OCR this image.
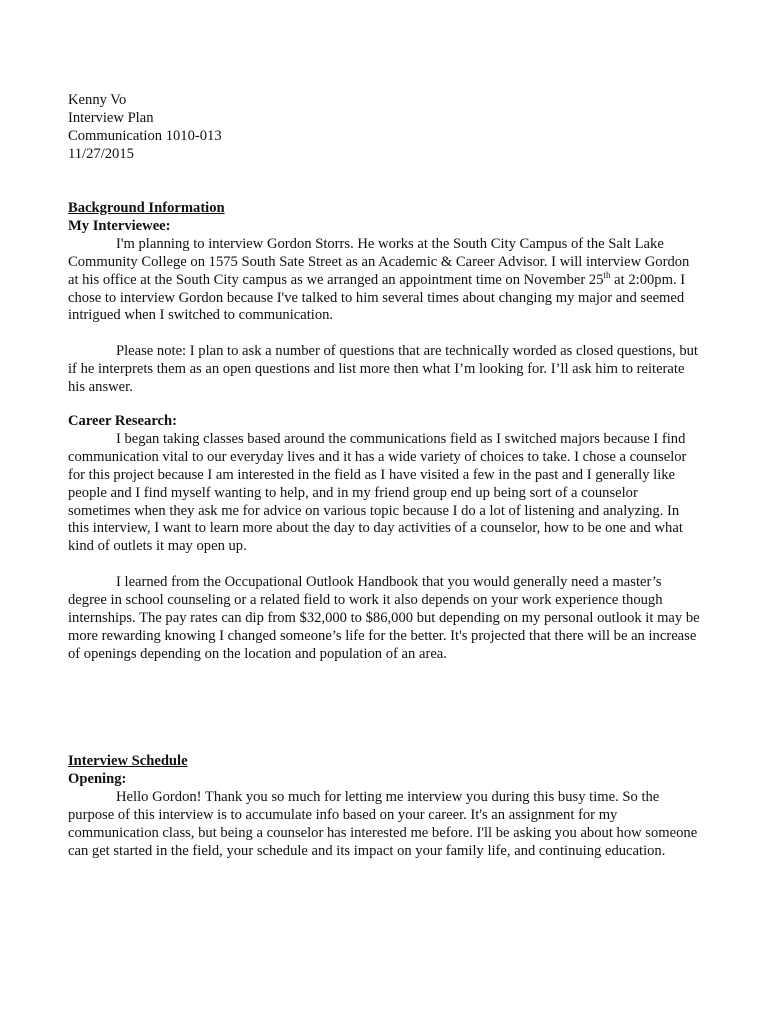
Kenny Vo
Interview Plan
Communication 1010-013
11/27/2015
Background Information
My Interviewee:

I'm planning to interview Gordon Storrs. He works at the South City Campus of the Salt Lake Community College on 1575 South Sate Street as an Academic & Career Advisor. I will interview Gordon at his office at the South City campus as we arranged an appointment time on November 25th at 2:00pm. I chose to interview Gordon because I've talked to him several times about changing my major and seemed intrigued when I switched to communication.

Please note: I plan to ask a number of questions that are technically worded as closed questions, but if he interprets them as an open questions and list more then what I’m looking for. I’ll ask him to reiterate his answer.

Career Research:

I began taking classes based around the communications field as I switched majors because I find communication vital to our everyday lives and it has a wide variety of choices to take. I chose a counselor for this project because I am interested in the field as I have visited a few in the past and I generally like people and I find myself wanting to help, and in my friend group end up being sort of a counselor sometimes when they ask me for advice on various topic because I do a lot of listening and analyzing. In this interview, I want to learn more about the day to day activities of a counselor, how to be one and what kind of outlets it may open up.

I learned from the Occupational Outlook Handbook that you would generally need a master’s degree in school counseling or a related field to work it also depends on your work experience though internships. The pay rates can dip from $32,000 to $86,000 but depending on my personal outlook it may be more rewarding knowing I changed someone’s life for the better. It's projected that there will be an increase of openings depending on the location and population of an area.

Interview Schedule
Opening:

Hello Gordon! Thank you so much for letting me interview you during this busy time. So the purpose of this interview is to accumulate info based on your career. It's an assignment for my communication class, but being a counselor has interested me before. I'll be asking you about how someone can get started in the field, your schedule and its impact on your family life, and continuing education.
